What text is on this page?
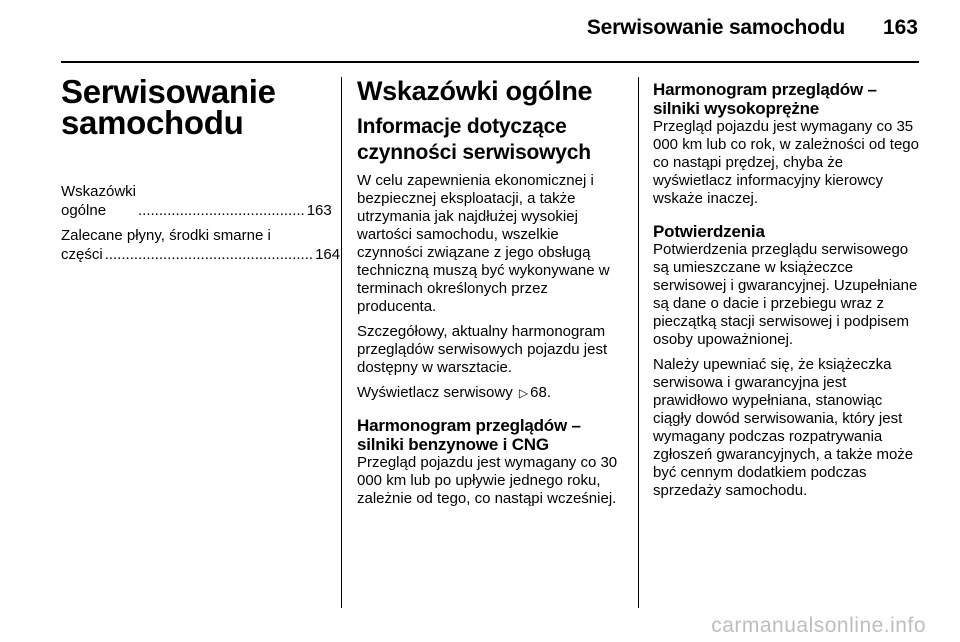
Serwisowanie samochodu 163
Serwisowanie
samochodu
Wskazówki ogólne	........................................ 163
Zalecane płyny, środki smarne i
części .................................................. 164
Wskazówki ogólne
Informacje dotyczące
czynności serwisowych

W celu zapewnienia ekonomicznej i bezpiecznej eksploatacji, a także utrzymania jak najdłużej wysokiej wartości samochodu, wszelkie czynności związane z jego obsługą techniczną muszą być wykonywane w terminach określonych przez producenta.

Szczegółowy, aktualny harmonogram przeglądów serwisowych pojazdu jest dostępny w warsztacie.

Wyświetlacz serwisowy ▷ 68.

Harmonogram przeglądów –
silniki benzynowe i CNG

Przegląd pojazdu jest wymagany co 30 000 km lub po upływie jednego roku, zależnie od tego, co nastąpi wcześniej.

Harmonogram przeglądów –
silniki wysokoprężne

Przegląd pojazdu jest wymagany co 35 000 km lub co rok, w zależności od tego co nastąpi prędzej, chyba że wyświetlacz informacyjny kierowcy wskaże inaczej.

Potwierdzenia

Potwierdzenia przeglądu serwisowego są umieszczane w książeczce serwisowej i gwarancyjnej. Uzupełniane są dane o dacie i przebiegu wraz z pieczątką stacji serwisowej i podpisem osoby upoważnionej.

Należy upewniać się, że książeczka serwisowa i gwarancyjna jest prawidłowo wypełniana, stanowiąc ciągły dowód serwisowania, który jest wymagany podczas rozpatrywania zgłoszeń gwarancyjnych, a także może być cennym dodatkiem podczas sprzedaży samochodu.

carmanualsonline.info
